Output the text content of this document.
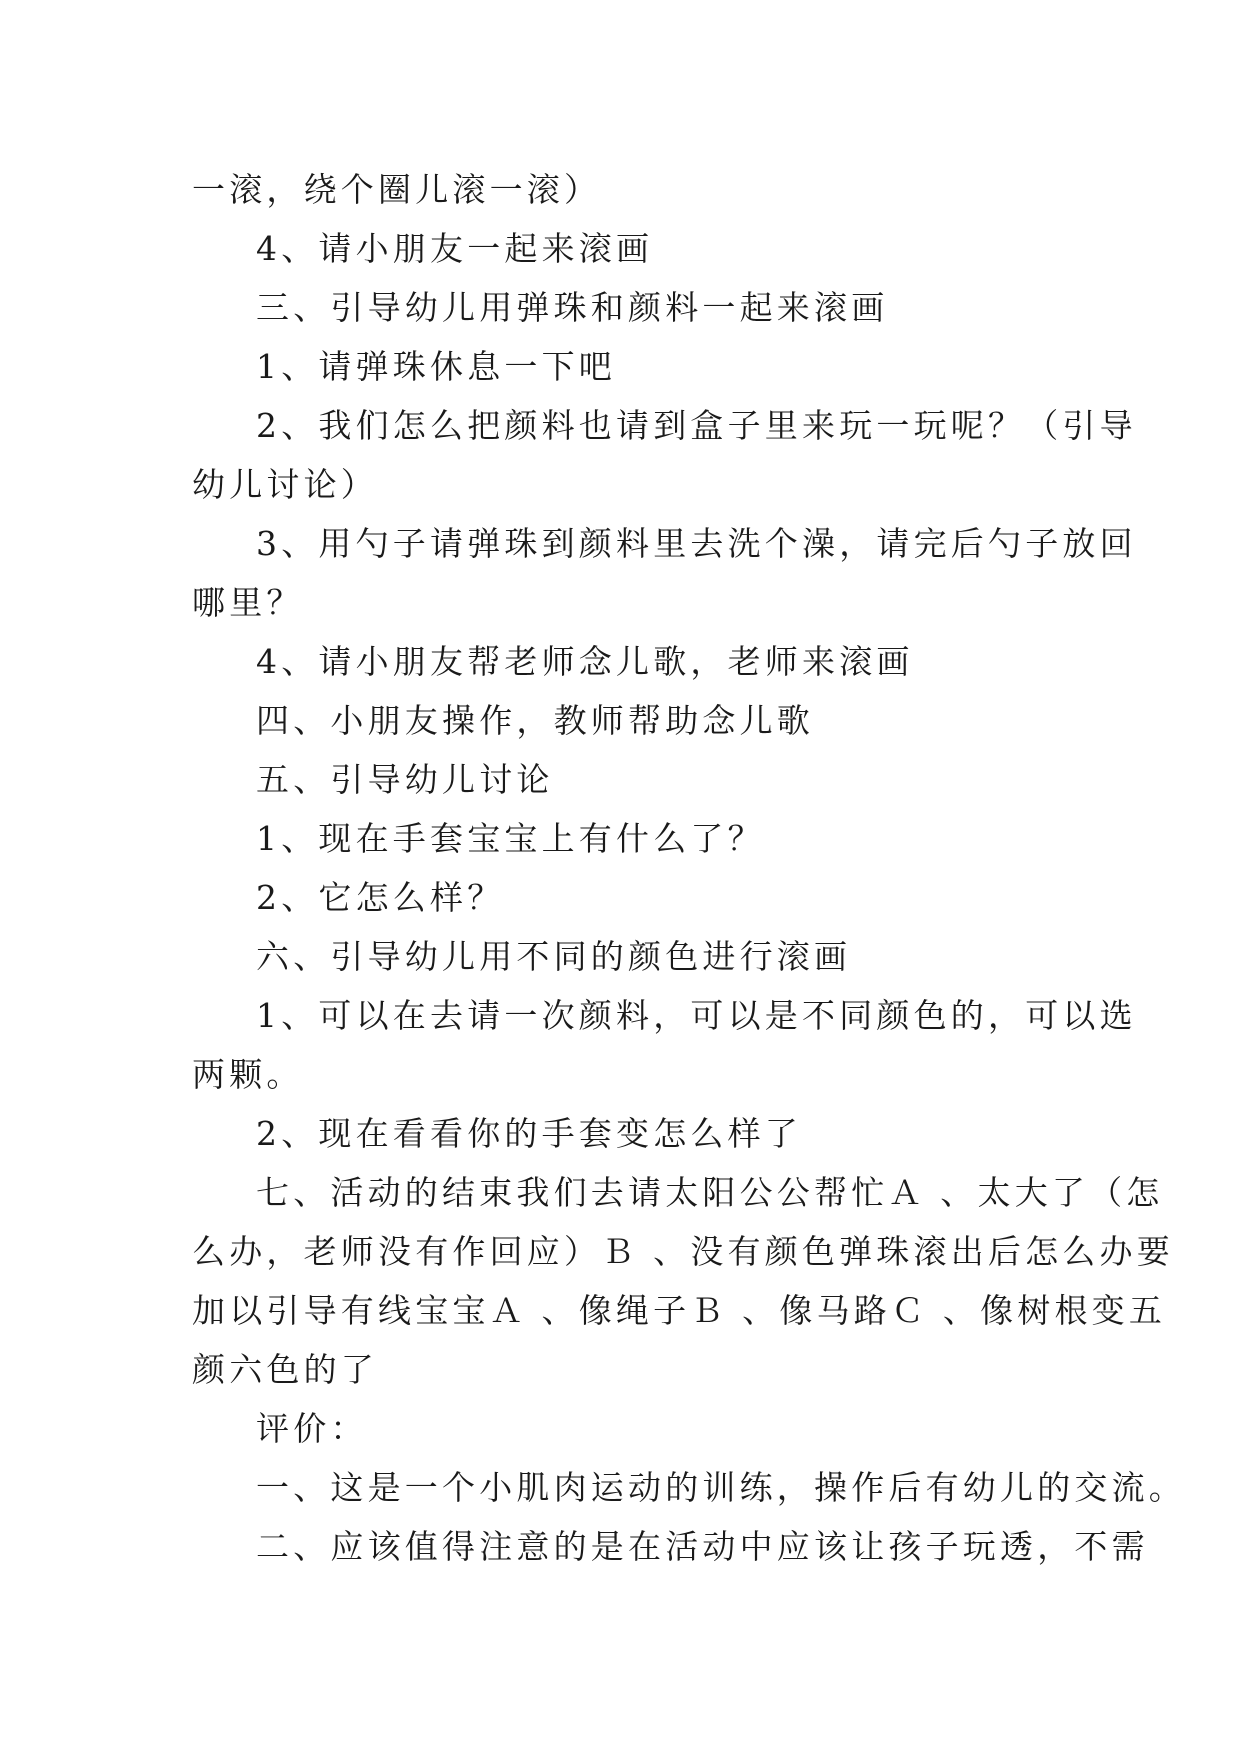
一滚，绕个圈儿滚一滚）
4、请小朋友一起来滚画
三、引导幼儿用弹珠和颜料一起来滚画
1、请弹珠休息一下吧
2、我们怎么把颜料也请到盒子里来玩一玩呢？（引导
幼儿讨论）
3、用勺子请弹珠到颜料里去洗个澡，请完后勺子放回
哪里？
4、请小朋友帮老师念儿歌，老师来滚画
四、小朋友操作，教师帮助念儿歌
五、引导幼儿讨论
1、现在手套宝宝上有什么了？
2、它怎么样？
六、引导幼儿用不同的颜色进行滚画
1、可以在去请一次颜料，可以是不同颜色的，可以选
两颗。
2、现在看看你的手套变怎么样了
七、活动的结束我们去请太阳公公帮忙Ａ 、太大了（怎
么办，老师没有作回应）Ｂ 、没有颜色弹珠滚出后怎么办要
加以引导有线宝宝Ａ 、像绳子Ｂ 、像马路Ｃ 、像树根变五
颜六色的了
评价：
一、这是一个小肌肉运动的训练，操作后有幼儿的交流。
二、应该值得注意的是在活动中应该让孩子玩透，不需
